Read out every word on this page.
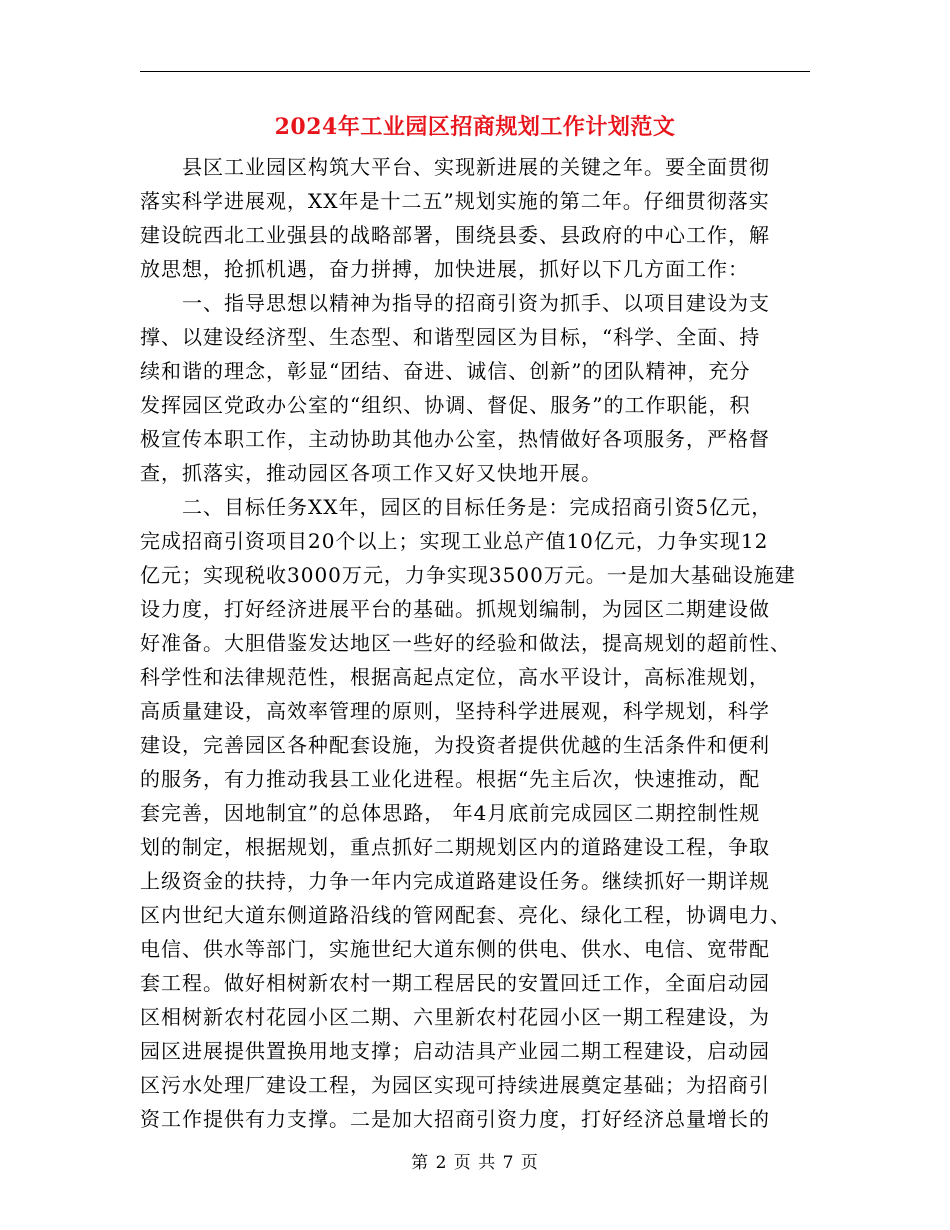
2024年工业园区招商规划工作计划范文
　　县区工业园区构筑大平台、实现新进展的关键之年。要全面贯彻
落实科学进展观，XX年是十二五”规划实施的第二年。仔细贯彻落实
建设皖西北工业强县的战略部署，围绕县委、县政府的中心工作，解
放思想，抢抓机遇，奋力拼搏，加快进展，抓好以下几方面工作：
　　一、指导思想以精神为指导的招商引资为抓手、以项目建设为支
撑、以建设经济型、生态型、和谐型园区为目标，“科学、全面、持
续和谐的理念，彰显“团结、奋进、诚信、创新”的团队精神，充分
发挥园区党政办公室的“组织、协调、督促、服务”的工作职能，积
极宣传本职工作，主动协助其他办公室，热情做好各项服务，严格督
查，抓落实，推动园区各项工作又好又快地开展。
　　二、目标任务XX年，园区的目标任务是：完成招商引资5亿元，
完成招商引资项目20个以上；实现工业总产值10亿元，力争实现12
亿元；实现税收3000万元，力争实现3500万元。一是加大基础设施建
设力度，打好经济进展平台的基础。抓规划编制，为园区二期建设做
好准备。大胆借鉴发达地区一些好的经验和做法，提高规划的超前性、
科学性和法律规范性，根据高起点定位，高水平设计，高标准规划，
高质量建设，高效率管理的原则，坚持科学进展观，科学规划，科学
建设，完善园区各种配套设施，为投资者提供优越的生活条件和便利
的服务，有力推动我县工业化进程。根据“先主后次，快速推动，配
套完善，因地制宜”的总体思路， 年4月底前完成园区二期控制性规
划的制定，根据规划，重点抓好二期规划区内的道路建设工程，争取
上级资金的扶持，力争一年内完成道路建设任务。继续抓好一期详规
区内世纪大道东侧道路沿线的管网配套、亮化、绿化工程，协调电力、
电信、供水等部门，实施世纪大道东侧的供电、供水、电信、宽带配
套工程。做好相树新农村一期工程居民的安置回迁工作，全面启动园
区相树新农村花园小区二期、六里新农村花园小区一期工程建设，为
园区进展提供置换用地支撑；启动洁具产业园二期工程建设，启动园
区污水处理厂建设工程，为园区实现可持续进展奠定基础；为招商引
资工作提供有力支撑。二是加大招商引资力度，打好经济总量增长的
第 2 页 共 7 页
